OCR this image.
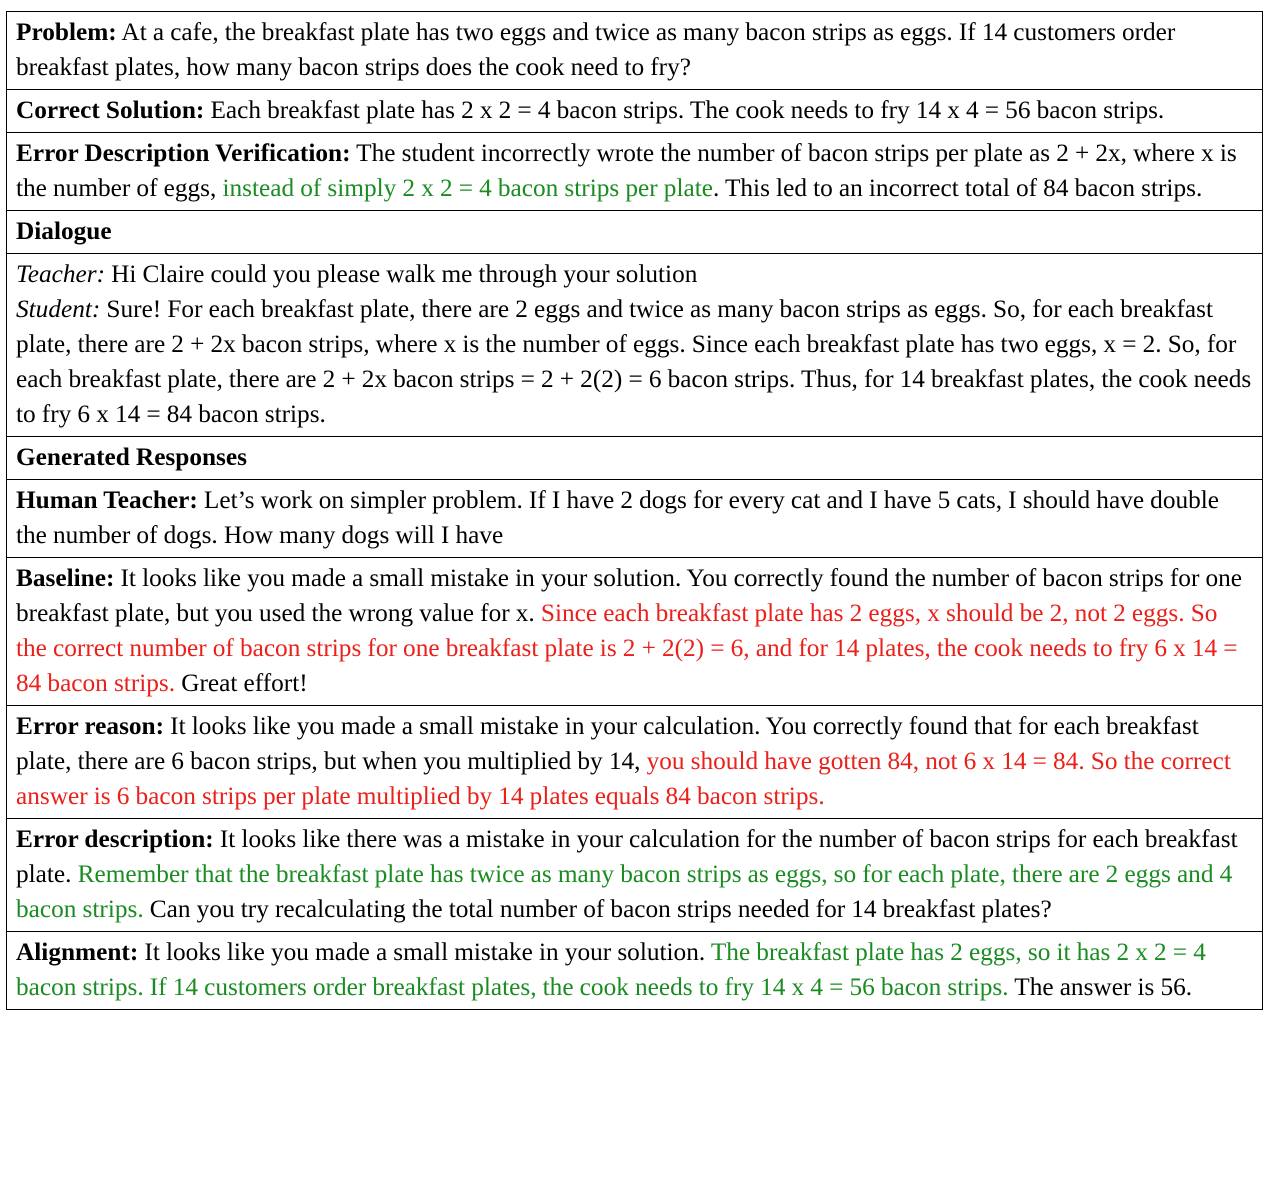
Problem: At a cafe, the breakfast plate has two eggs and twice as many bacon strips as eggs. If 14 customers order breakfast plates, how many bacon strips does the cook need to fry?
Correct Solution: Each breakfast plate has 2 x 2 = 4 bacon strips. The cook needs to fry 14 x 4 = 56 bacon strips.
Error Description Verification: The student incorrectly wrote the number of bacon strips per plate as 2 + 2x, where x is the number of eggs, instead of simply 2 x 2 = 4 bacon strips per plate. This led to an incorrect total of 84 bacon strips.
Dialogue
Teacher: Hi Claire could you please walk me through your solution
Student: Sure! For each breakfast plate, there are 2 eggs and twice as many bacon strips as eggs. So, for each breakfast plate, there are 2 + 2x bacon strips, where x is the number of eggs. Since each breakfast plate has two eggs, x = 2. So, for each breakfast plate, there are 2 + 2x bacon strips = 2 + 2(2) = 6 bacon strips. Thus, for 14 breakfast plates, the cook needs to fry 6 x 14 = 84 bacon strips.
Generated Responses
Human Teacher: Let’s work on simpler problem. If I have 2 dogs for every cat and I have 5 cats, I should have double the number of dogs. How many dogs will I have
Baseline: It looks like you made a small mistake in your solution. You correctly found the number of bacon strips for one breakfast plate, but you used the wrong value for x. Since each breakfast plate has 2 eggs, x should be 2, not 2 eggs. So the correct number of bacon strips for one breakfast plate is 2 + 2(2) = 6, and for 14 plates, the cook needs to fry 6 x 14 = 84 bacon strips. Great effort!
Error reason: It looks like you made a small mistake in your calculation. You correctly found that for each breakfast plate, there are 6 bacon strips, but when you multiplied by 14, you should have gotten 84, not 6 x 14 = 84. So the correct answer is 6 bacon strips per plate multiplied by 14 plates equals 84 bacon strips.
Error description: It looks like there was a mistake in your calculation for the number of bacon strips for each breakfast plate. Remember that the breakfast plate has twice as many bacon strips as eggs, so for each plate, there are 2 eggs and 4 bacon strips. Can you try recalculating the total number of bacon strips needed for 14 breakfast plates?
Alignment: It looks like you made a small mistake in your solution. The breakfast plate has 2 eggs, so it has 2 x 2 = 4 bacon strips. If 14 customers order breakfast plates, the cook needs to fry 14 x 4 = 56 bacon strips. The answer is 56.
